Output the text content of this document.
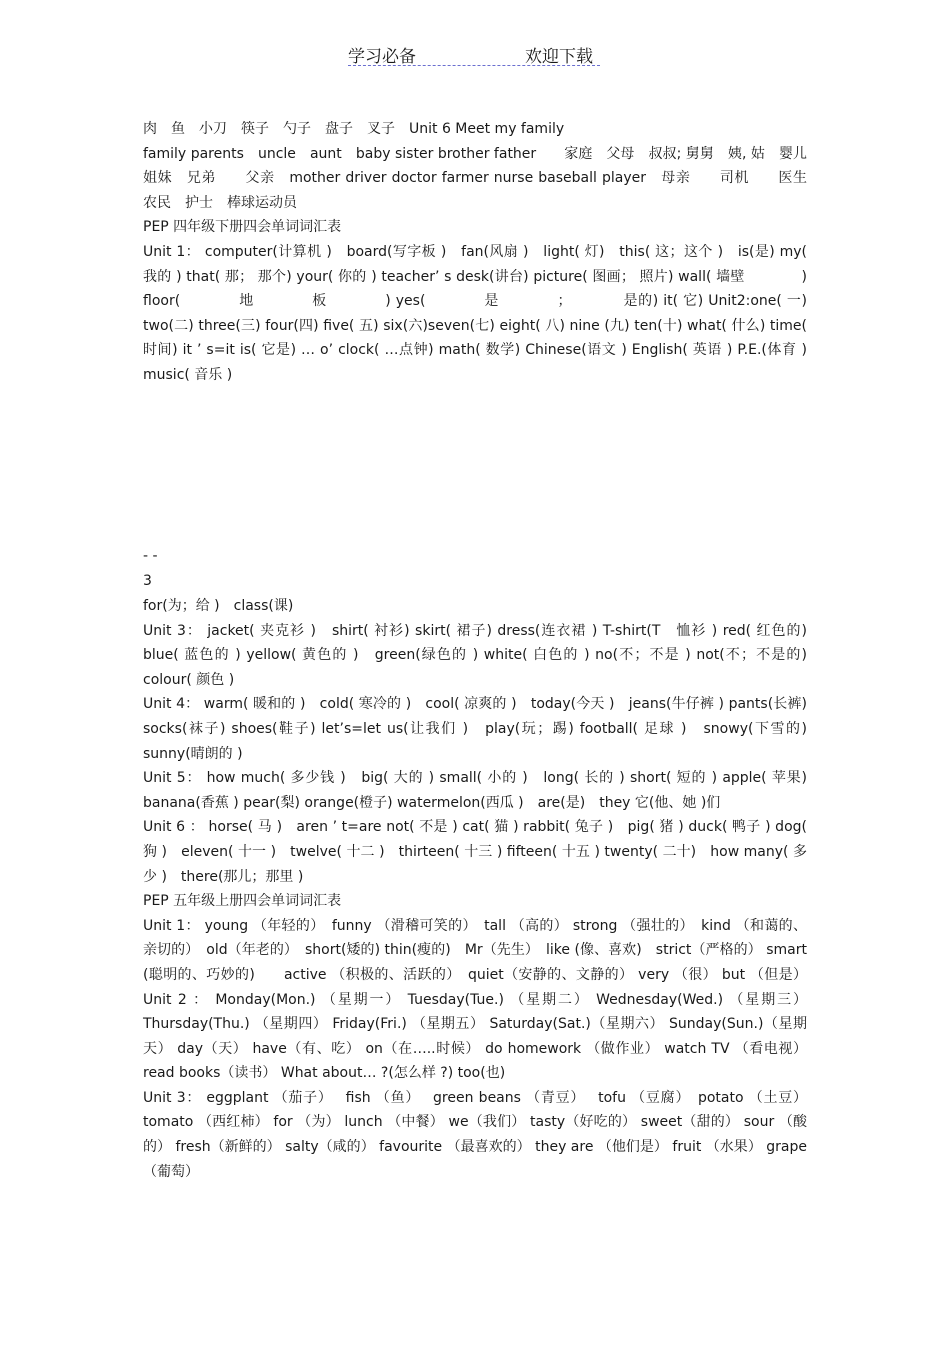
学习必备	欢迎下载

肉　鱼　小刀　筷子　勺子　盘子　叉子　Unit 6 Meet my family

family parents　uncle　aunt　baby sister brother father　　家庭　父母　叔叔; 舅舅　姨, 姑　婴儿　姐妹　兄弟　　父亲　mother driver doctor farmer nurse baseball player　母亲　　司机　　医生　农民　护士　棒球运动员

PEP 四年级下册四会单词词汇表

Unit 1： computer(计算机 )　board(写字板 )　fan(风扇 )　light( 灯)　this( 这；这个 )　is(是) my( 我的 ) that( 那； 那个) your( 你的 ) teacher’ s desk(讲台) picture( 图画； 照片) wall( 墙壁　　　　) floor(　　　　地　　　　板　　　　) yes(　　　　是　　　　；　　　　是的) it( 它) Unit2:one( 一) two(二) three(三) four(四) five( 五) six(六)seven(七) eight( 八) nine (九) ten(十) what( 什么) time( 时间) it ’ s=it is( 它是) … o’ clock( …点钟) math( 数学) Chinese(语文 ) English( 英语 ) P.E.(体育 ) music( 音乐 )

- -
3

for(为；给 )　class(课)

Unit 3： jacket( 夹克衫 )　shirt( 衬衫) skirt( 裙子) dress(连衣裙 ) T-shirt(T　恤衫 ) red( 红色的) blue( 蓝色的 ) yellow( 黄色的 )　green(绿色的 ) white( 白色的 ) no(不；不是 ) not(不；不是的)　colour( 颜色 )

Unit 4： warm( 暖和的 )　cold( 寒冷的 )　cool( 凉爽的 )　today(今天 )　jeans(牛仔裤 ) pants(长裤)　socks(袜子) shoes(鞋子) let’s=let us(让我们 )　play(玩；踢) football( 足球 )　snowy(下雪的)　sunny(晴朗的 )

Unit 5： how much( 多少钱 )　big( 大的 ) small( 小的 )　long( 长的 ) short( 短的 ) apple( 苹果) banana(香蕉 ) pear(梨) orange(橙子) watermelon(西瓜 )　are(是)　they 它(他、她 )们

Unit 6 ： horse( 马 )　aren ’ t=are not( 不是 ) cat( 猫 ) rabbit( 兔子 )　pig( 猪 ) duck( 鸭子 ) dog( 狗 )　eleven( 十一 )　twelve( 十二 )　thirteen( 十三 ) fifteen( 十五 ) twenty( 二十)　how many( 多少 )　there(那儿；那里 )

PEP 五年级上册四会单词词汇表

Unit 1： young （年轻的）　funny （滑稽可笑的）　tall （高的） strong （强壮的）　kind （和蔼的、亲切的）　old（年老的）　short(矮的) thin(瘦的)　Mr（先生）　like (像、喜欢)　strict（严格的） smart (聪明的、巧妙的)　　active （积极的、活跃的）　quiet（安静的、文静的） very （很） but （但是） Unit 2 ： Monday(Mon.) （星期一） Tuesday(Tue.) （星期二） Wednesday(Wed.) （星期三） Thursday(Thu.) （星期四） Friday(Fri.) （星期五） Saturday(Sat.)（星期六） Sunday(Sun.)（星期天） day（天） have（有、吃） on（在…..时候） do homework （做作业） watch TV （看电视） read books（读书） What about… ?(怎么样 ?) too(也)

Unit 3： eggplant （茄子）　 fish （鱼）　 green beans （青豆）　 tofu （豆腐）　potato （土豆） tomato （西红柿） for （为） lunch （中餐） we（我们） tasty（好吃的） sweet（甜的） sour （酸的） fresh（新鲜的） salty（咸的） favourite （最喜欢的） they are （他们是） fruit （水果） grape （葡萄）
